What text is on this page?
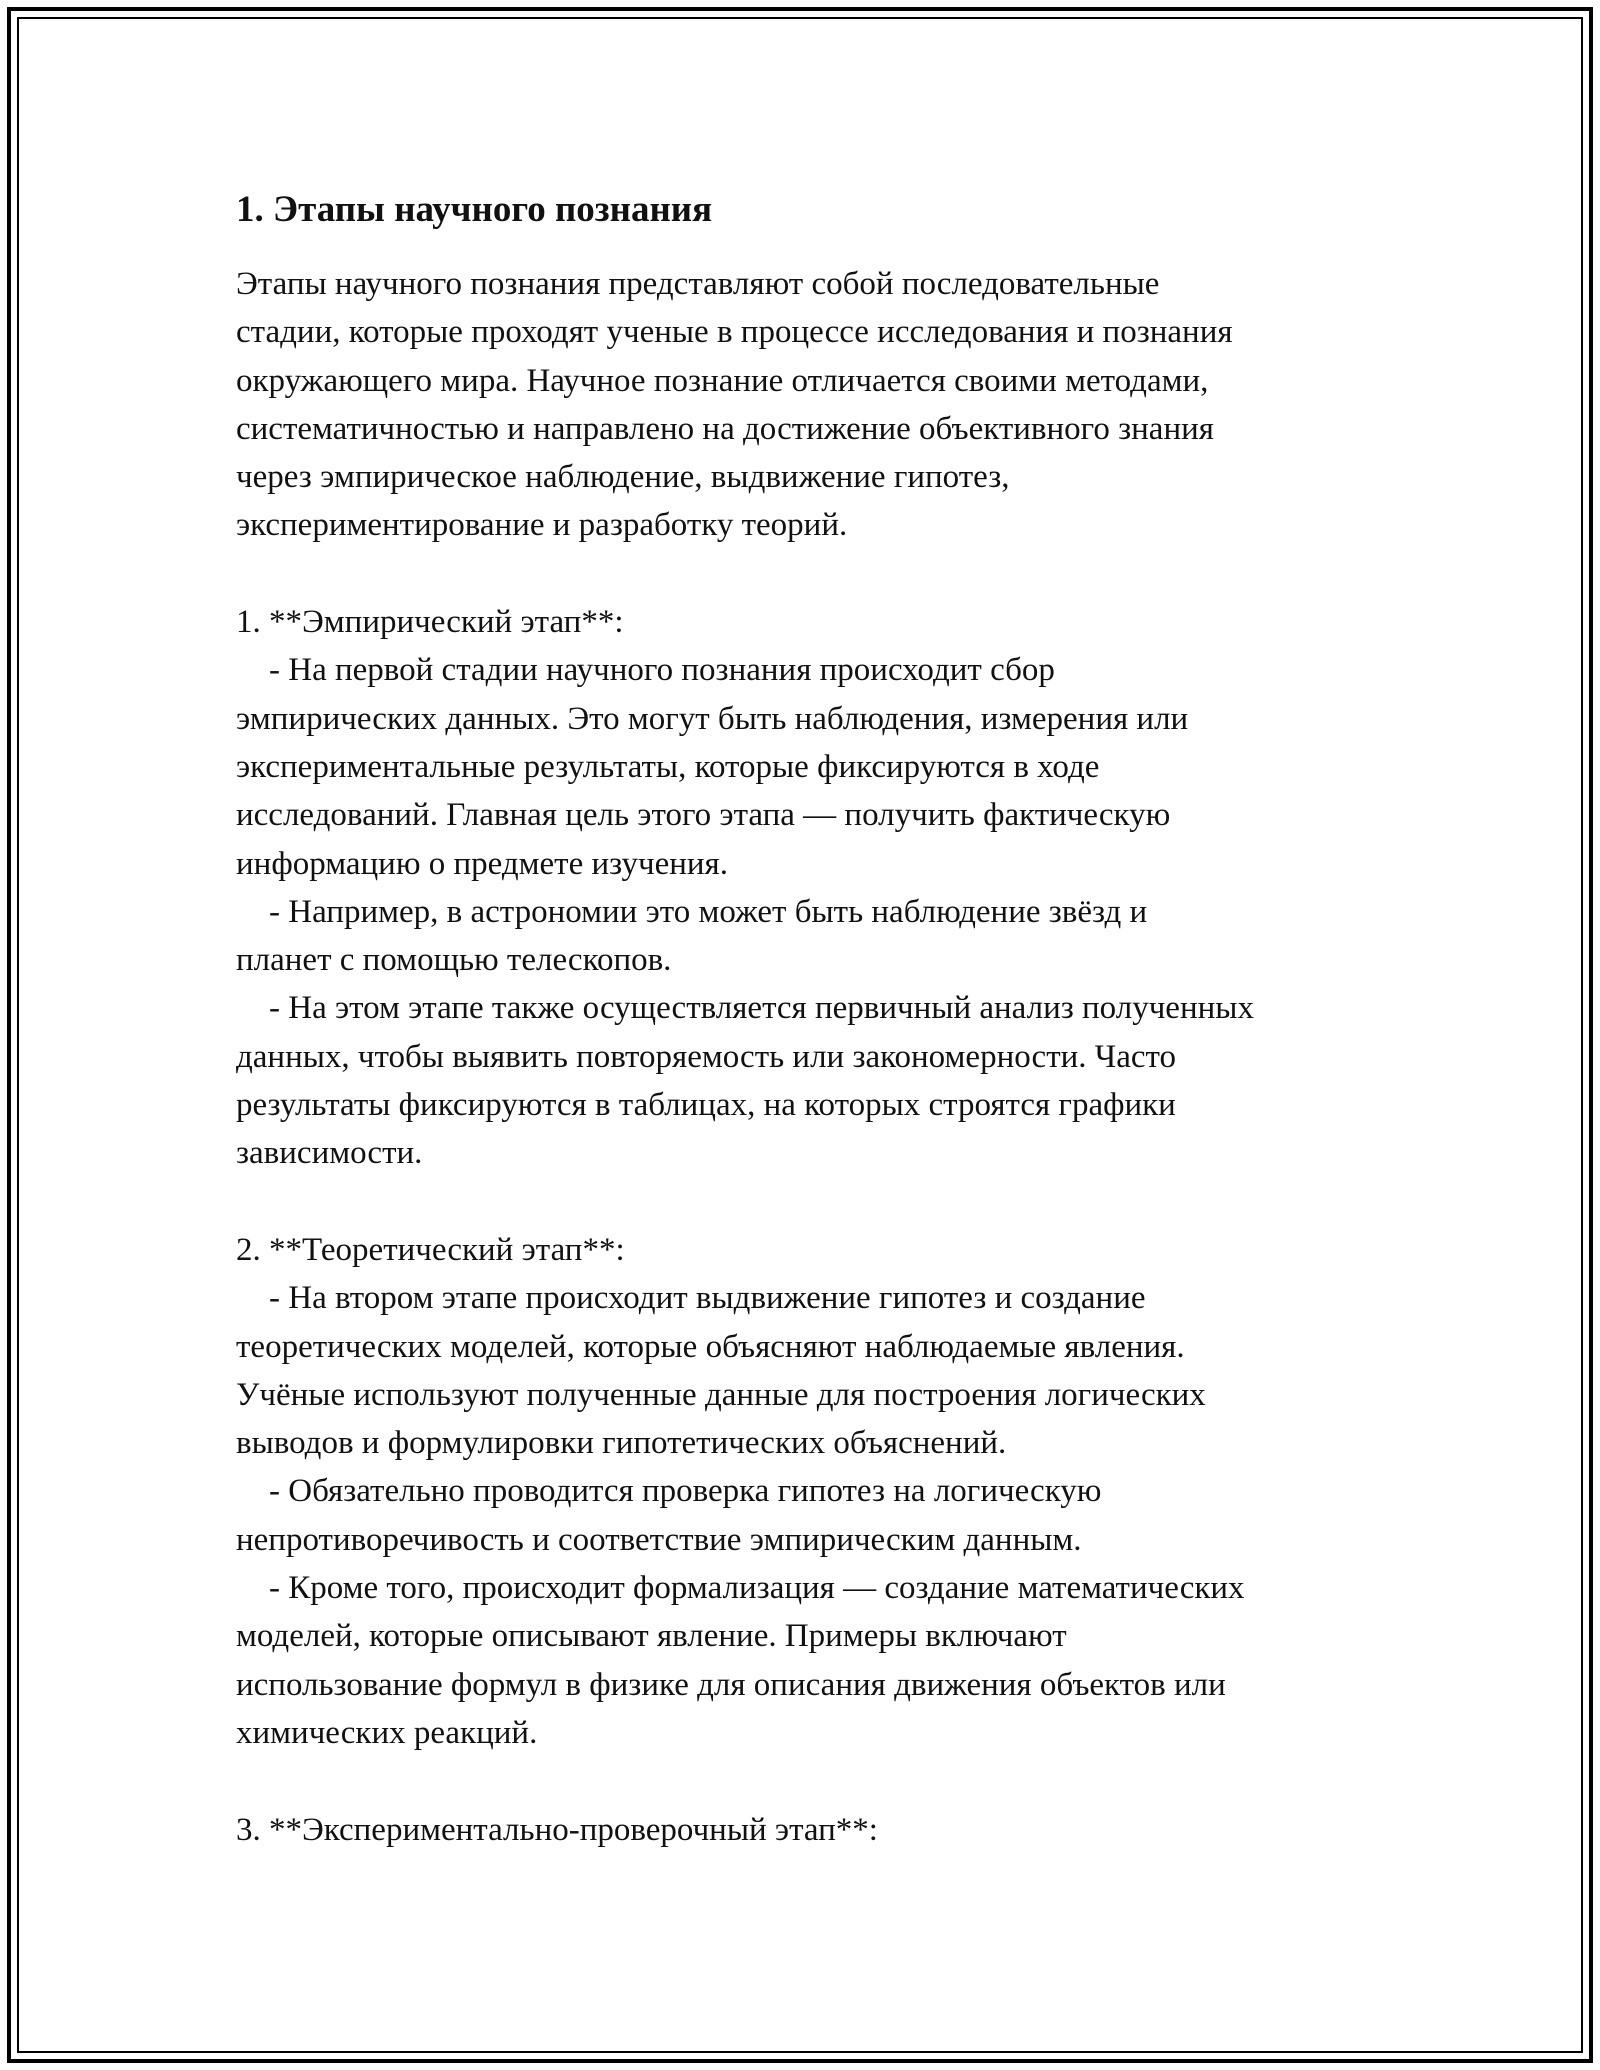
1. Этапы научного познания
Этапы научного познания представляют собой последовательные
стадии, которые проходят ученые в процессе исследования и познания
окружающего мира. Научное познание отличается своими методами,
систематичностью и направлено на достижение объективного знания
через эмпирическое наблюдение, выдвижение гипотез,
экспериментирование и разработку теорий.
1. **Эмпирический этап**:
- На первой стадии научного познания происходит сбор
эмпирических данных. Это могут быть наблюдения, измерения или
экспериментальные результаты, которые фиксируются в ходе
исследований. Главная цель этого этапа — получить фактическую
информацию о предмете изучения.
- Например, в астрономии это может быть наблюдение звёзд и
планет с помощью телескопов.
- На этом этапе также осуществляется первичный анализ полученных
данных, чтобы выявить повторяемость или закономерности. Часто
результаты фиксируются в таблицах, на которых строятся графики
зависимости.
2. **Теоретический этап**:
- На втором этапе происходит выдвижение гипотез и создание
теоретических моделей, которые объясняют наблюдаемые явления.
Учёные используют полученные данные для построения логических
выводов и формулировки гипотетических объяснений.
- Обязательно проводится проверка гипотез на логическую
непротиворечивость и соответствие эмпирическим данным.
- Кроме того, происходит формализация — создание математических
моделей, которые описывают явление. Примеры включают
использование формул в физике для описания движения объектов или
химических реакций.
3. **Экспериментально-проверочный этап**:
